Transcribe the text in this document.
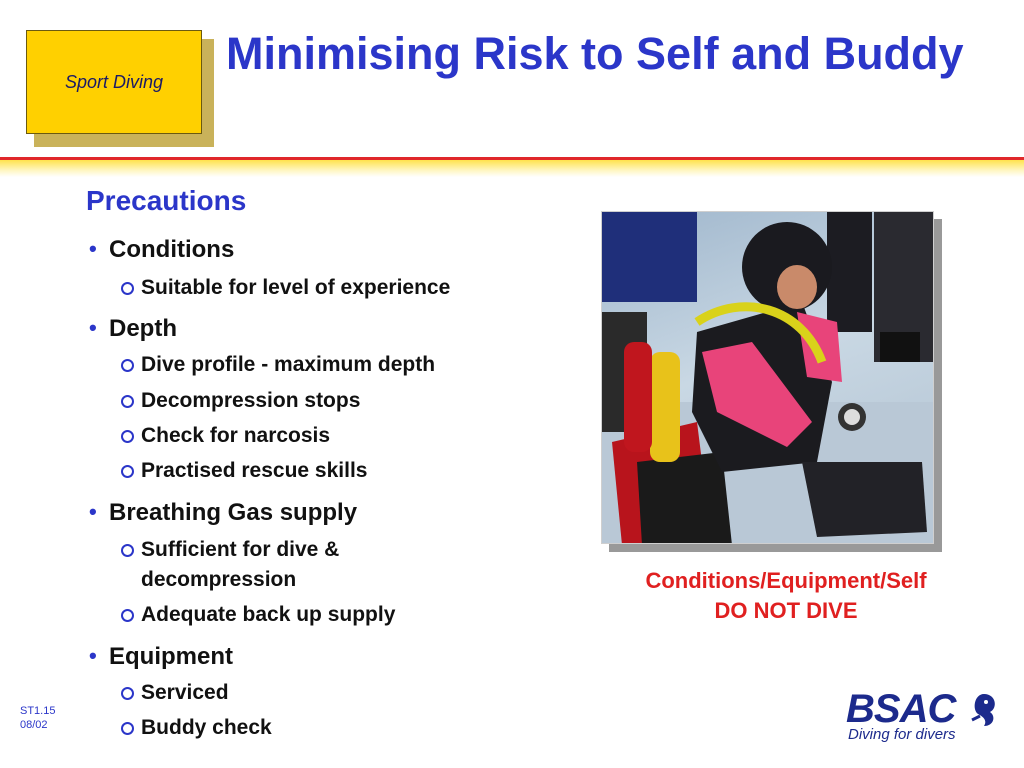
Sport Diving
Minimising Risk to Self and Buddy
Precautions
• Conditions
Suitable for level of experience
• Depth
Dive profile - maximum depth
Decompression stops
Check for narcosis
Practised rescue skills
• Breathing Gas supply
Sufficient for dive &
decompression
Adequate back up supply
• Equipment
Serviced
Buddy check
Conditions/Equipment/Self
DO NOT DIVE
ST1.15
08/02	BSAC
Diving for divers
